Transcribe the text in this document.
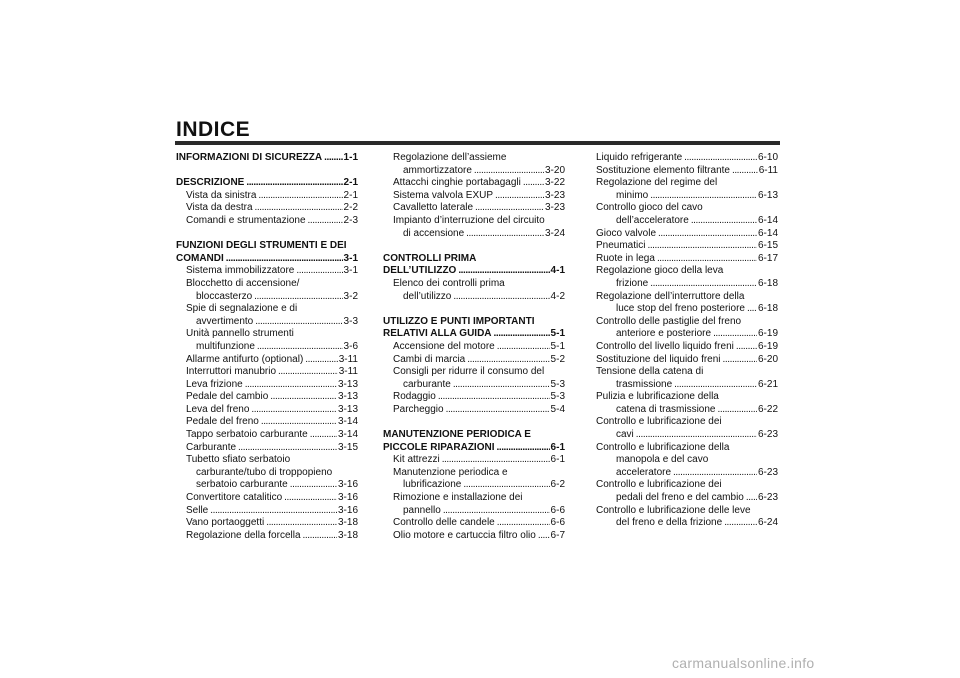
INDICE
INFORMAZIONI DI SICUREZZA . . . 1-1
DESCRIZIONE . . .	2-1
Vista da sinistra . . .	2-1
Vista da destra . . .	2-2
Comandi e strumentazione . . .	2-3
FUNZIONI DEGLI STRUMENTI E DEI
COMANDI . . .	3-1
Sistema immobilizzatore . . .	3-1
Blocchetto di accensione/
bloccasterzo . . .	3-2
Spie di segnalazione e di
avvertimento . . .	3-3
Unità pannello strumenti
multifunzione . . .	3-6
Allarme antifurto (optional) . . .	3-11
Interruttori manubrio . . .	3-11
Leva frizione . . .	3-13
Pedale del cambio . . .	3-13
Leva del freno . . .	3-13
Pedale del freno . . .	3-14
Tappo serbatoio carburante . . .	3-14
Carburante . . .	3-15
Tubetto sfiato serbatoio
carburante/tubo di troppopieno
serbatoio carburante . . .	3-16
Convertitore catalitico . . .	3-16
Selle . . .	3-16
Vano portaoggetti . . .	3-18
Regolazione della forcella . . .	3-18
Regolazione dell’assieme
ammortizzatore . . .	3-20
Attacchi cinghie portabagagli . . . 3-22
Sistema valvola EXUP . . .	3-23
Cavalletto laterale . . .	3-23
Impianto d’interruzione del circuito
di accensione . . .	3-24
CONTROLLI PRIMA
DELL’UTILIZZO . . .	4-1
Elenco dei controlli prima
dell’utilizzo . . .	4-2
UTILIZZO E PUNTI IMPORTANTI
RELATIVI ALLA GUIDA . . .	5-1
Accensione del motore . . .	5-1
Cambi di marcia . . .	5-2
Consigli per ridurre il consumo del
carburante . . .	5-3
Rodaggio . . .	5-3
Parcheggio . . .	5-4
MANUTENZIONE PERIODICA E
PICCOLE RIPARAZIONI . . .	6-1
Kit attrezzi . . .	6-1
Manutenzione periodica e
lubrificazione . . .	6-2
Rimozione e installazione dei
pannello . . .	6-6
Controllo delle candele . . .	6-6
Olio motore e cartuccia filtro olio . . . 6-7
Liquido refrigerante . . .	6-10
Sostituzione elemento filtrante . . .	6-11
Regolazione del regime del
minimo . . .	6-13
Controllo gioco del cavo
dell’acceleratore . . .	6-14
Gioco valvole . . .	6-14
Pneumatici . . .	6-15
Ruote in lega . . .	6-17
Regolazione gioco della leva
frizione . . .	6-18
Regolazione dell’interruttore della
luce stop del freno posteriore . . . 6-18
Controllo delle pastiglie del freno
anteriore e posteriore . . .	6-19
Controllo del livello liquido freni . . . 6-19
Sostituzione del liquido freni . . .	6-20
Tensione della catena di
trasmissione . . .	6-21
Pulizia e lubrificazione della
catena di trasmissione . . .	6-22
Controllo e lubrificazione dei
cavi . . .	6-23
Controllo e lubrificazione della
manopola e del cavo
acceleratore . . .	6-23
Controllo e lubrificazione dei
pedali del freno e del cambio . . . 6-23
Controllo e lubrificazione delle leve
del freno e della frizione . . .	6-24
carmanualsonline.info
